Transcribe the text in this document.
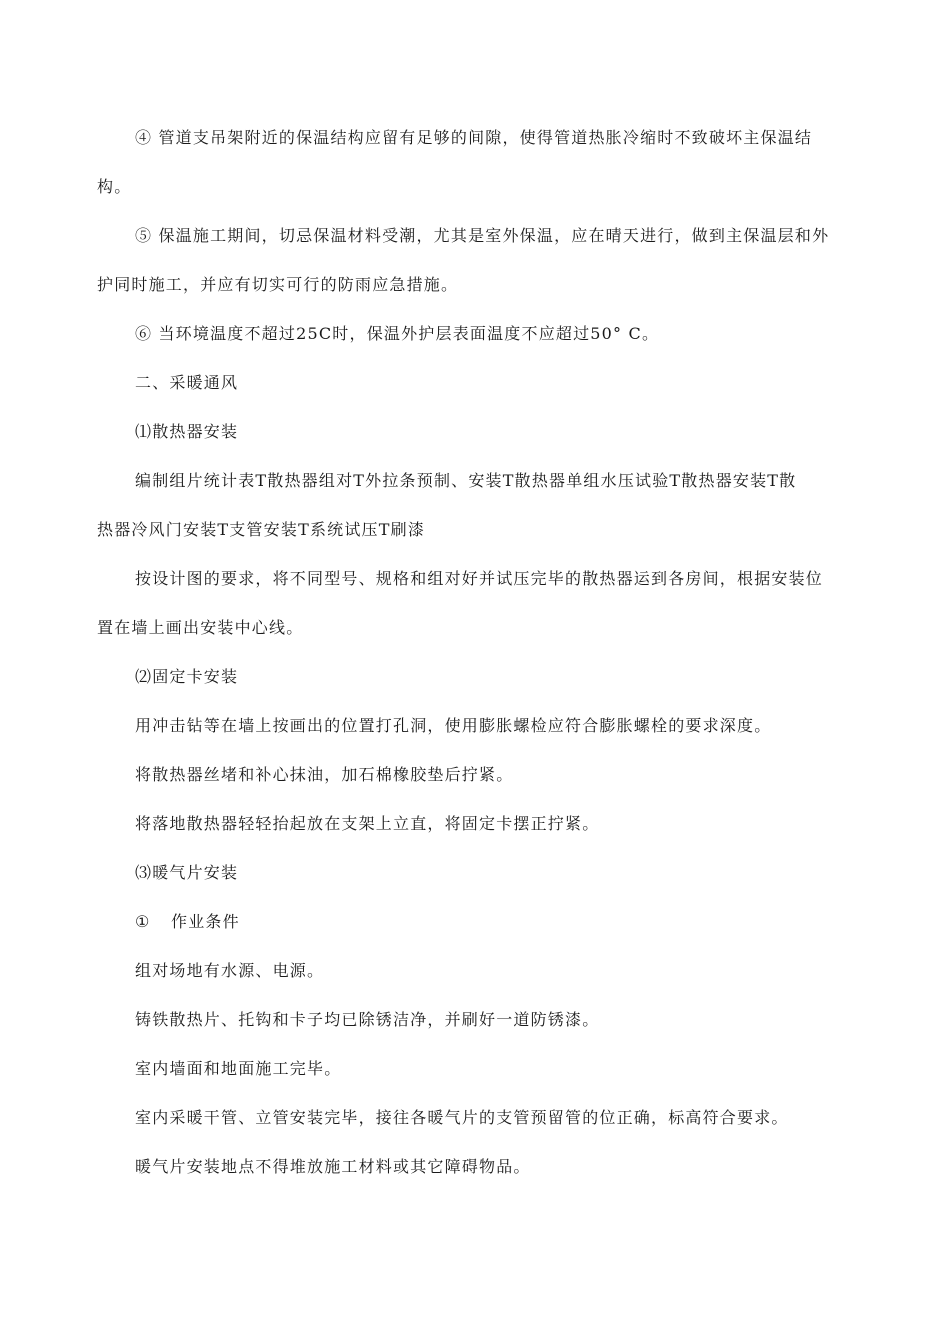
④ 管道支吊架附近的保温结构应留有足够的间隙，使得管道热胀冷缩时不致破坏主保温结

构。

⑤ 保温施工期间，切忌保温材料受潮，尤其是室外保温，应在晴天进行，做到主保温层和外

护同时施工，并应有切实可行的防雨应急措施。

⑥ 当环境温度不超过25C时，保温外护层表面温度不应超过50° C。

二、采暖通风

⑴散热器安装

编制组片统计表T散热器组对T外拉条预制、安装T散热器单组水压试验T散热器安装T散

热器冷风门安装T支管安装T系统试压T刷漆

按设计图的要求，将不同型号、规格和组对好并试压完毕的散热器运到各房间，根据安装位

置在墙上画出安装中心线。

⑵固定卡安装

用冲击钻等在墙上按画出的位置打孔洞，使用膨胀螺检应符合膨胀螺栓的要求深度。

将散热器丝堵和补心抹油，加石棉橡胶垫后拧紧。

将落地散热器轻轻抬起放在支架上立直，将固定卡摆正拧紧。

⑶暖气片安装

① 作业条件

组对场地有水源、电源。

铸铁散热片、托钩和卡子均已除锈洁净，并刷好一道防锈漆。

室内墙面和地面施工完毕。

室内采暖干管、立管安装完毕，接往各暖气片的支管预留管的位正确，标高符合要求。

暖气片安装地点不得堆放施工材料或其它障碍物品。
